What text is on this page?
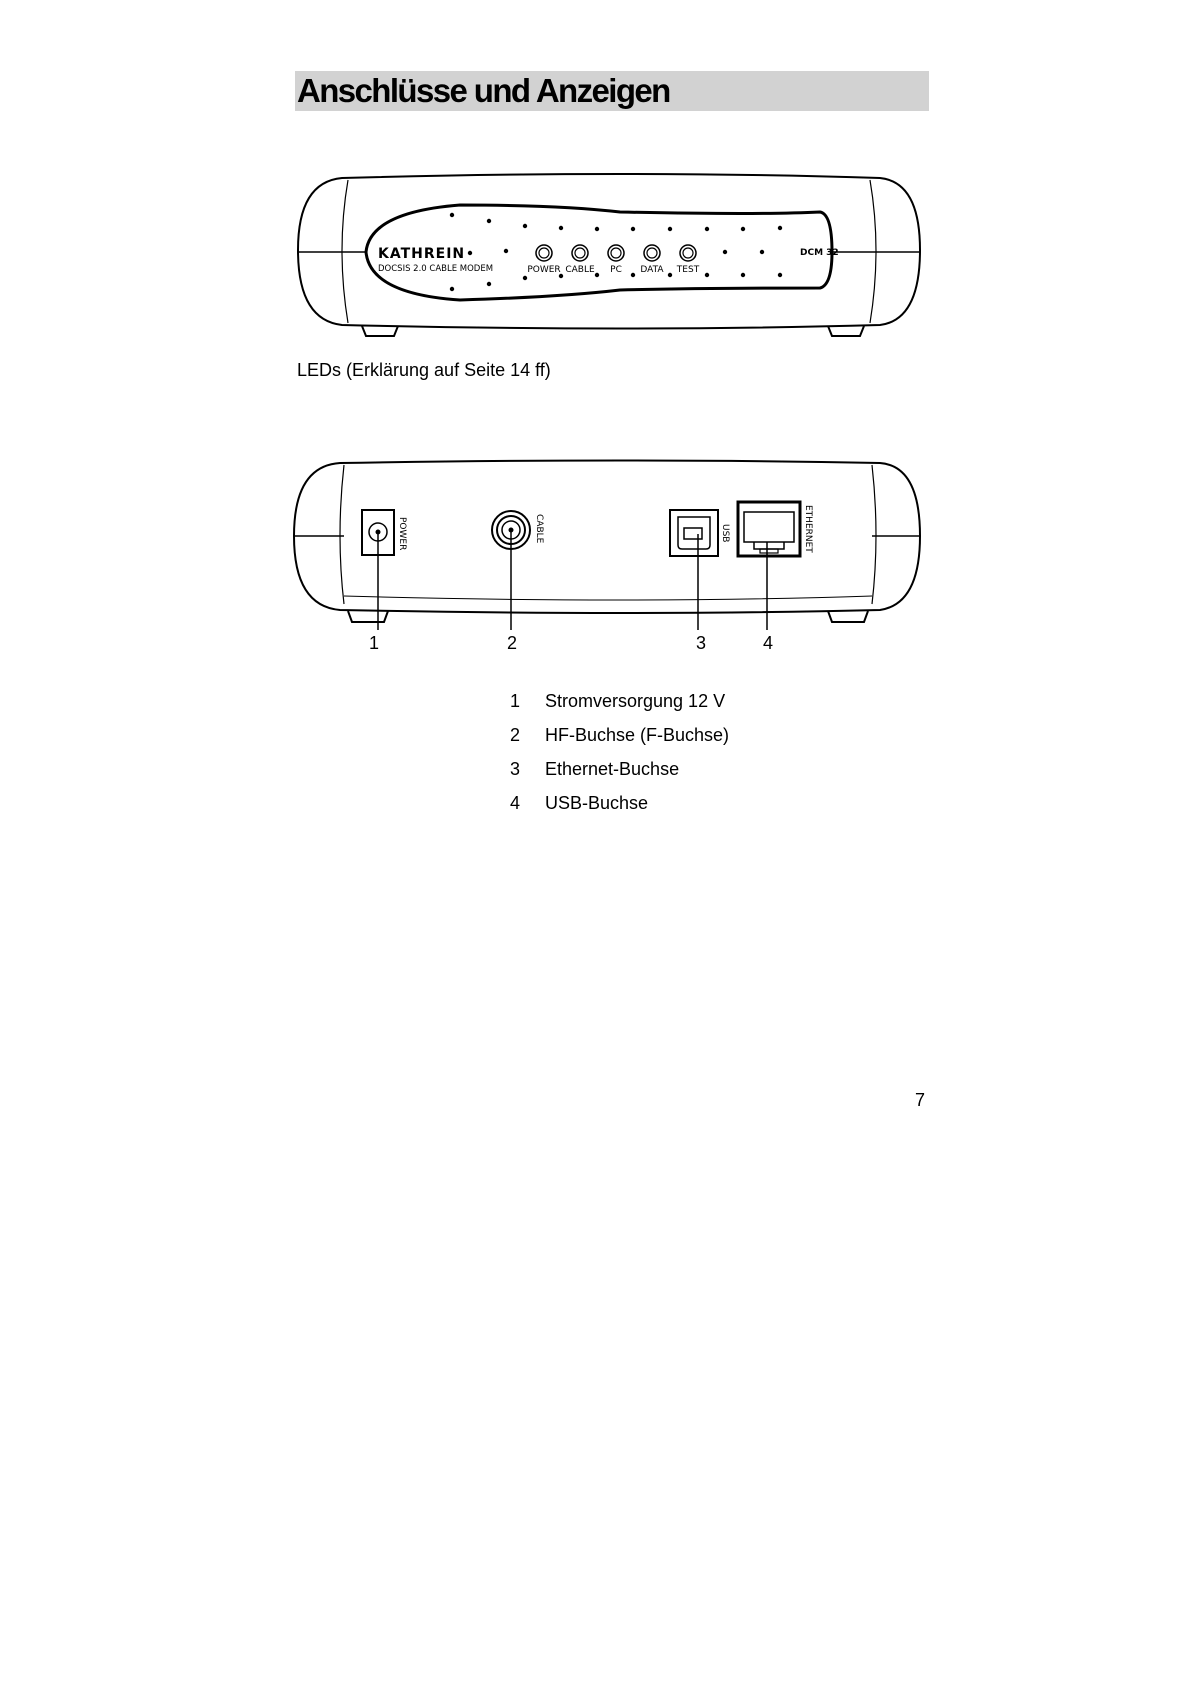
Anschlüsse und Anzeigen
KATHREIN
DOCSIS 2.0 CABLE MODEM
DCM 32
POWER CABLE PC DATA TEST
LEDs (Erklärung auf Seite 14 ff)
POWER	CABLE	USB	ETHERNET
1	2	3	4
1 Stromversorgung 12 V
2 HF-Buchse (F-Buchse)
3 Ethernet-Buchse
4 USB-Buchse
7
